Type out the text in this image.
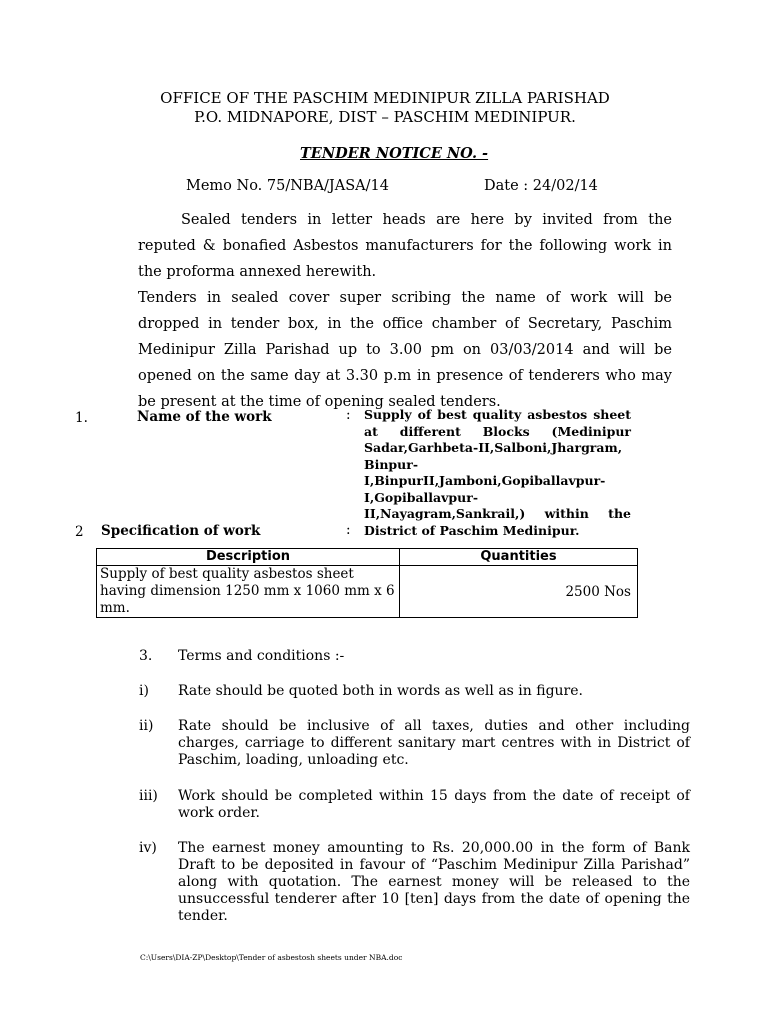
OFFICE OF THE PASCHIM MEDINIPUR ZILLA PARISHAD
P.O. MIDNAPORE, DIST – PASCHIM MEDINIPUR.
TENDER NOTICE NO. -
Memo No. 75/NBA/JASA/14	Date : 24/02/14
Sealed tenders in letter heads are here by invited from the reputed & bonafied Asbestos manufacturers for the following work in the proforma annexed herewith.
Tenders in sealed cover super scribing the name of work will be dropped in tender box, in the office chamber of Secretary, Paschim Medinipur Zilla Parishad up to 3.00 pm on 03/03/2014 and will be opened on the same day at 3.30 p.m in presence of tenderers who may be present at the time of opening sealed tenders.
1.	Name of the work	: Supply of best quality asbestos sheet at different Blocks (Medinipur Sadar,Garhbeta-II,Salboni,Jhargram, Binpur-I,BinpurII,Jamboni,Gopiballavpur-I,Gopiballavpur-II,Nayagram,Sankrail,) within the District of Paschim Medinipur.
2 Specification of work	:
Description	Quantities
Supply of best quality asbestos sheet having dimension 1250 mm x 1060 mm x 6 mm.	2500 Nos
3. Terms and conditions :-
i) Rate should be quoted both in words as well as in figure.
ii) Rate should be inclusive of all taxes, duties and other including charges, carriage to different sanitary mart centres with in District of Paschim, loading, unloading etc.
iii) Work should be completed within 15 days from the date of receipt of work order.
iv) The earnest money amounting to Rs. 20,000.00 in the form of Bank Draft to be deposited in favour of “Paschim Medinipur Zilla Parishad” along with quotation. The earnest money will be released to the unsuccessful tenderer after 10 [ten] days from the date of opening the tender.
C:\Users\DIA-ZP\Desktop\Tender of asbestosh sheets under NBA.doc
